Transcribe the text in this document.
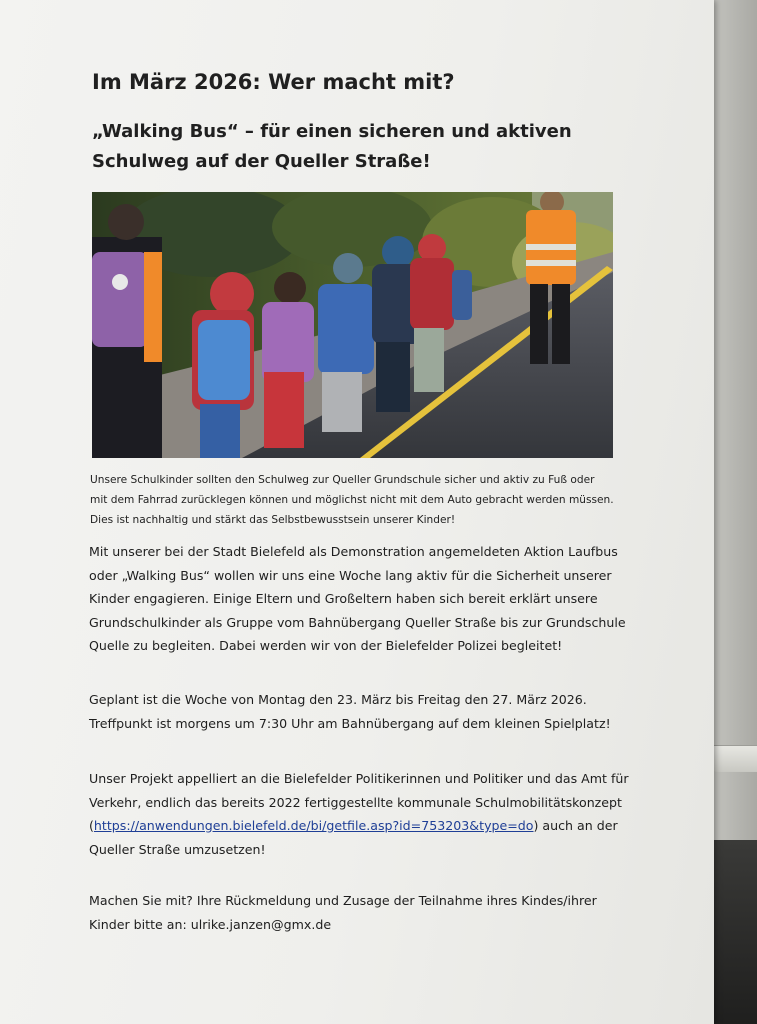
Im März 2026: Wer macht mit?
„Walking Bus“ – für einen sicheren und aktiven Schulweg auf der Queller Straße!

Unsere Schulkinder sollten den Schulweg zur Queller Grundschule sicher und aktiv zu Fuß oder mit dem Fahrrad zurücklegen können und möglichst nicht mit dem Auto gebracht werden müssen. Dies ist nachhaltig und stärkt das Selbstbewusstsein unserer Kinder!

Mit unserer bei der Stadt Bielefeld als Demonstration angemeldeten Aktion Laufbus oder „Walking Bus“ wollen wir uns eine Woche lang aktiv für die Sicherheit unserer Kinder engagieren. Einige Eltern und Großeltern haben sich bereit erklärt unsere Grundschulkinder als Gruppe vom Bahnübergang Queller Straße bis zur Grundschule Quelle zu begleiten. Dabei werden wir von der Bielefelder Polizei begleitet!

Geplant ist die Woche von Montag den 23. März bis Freitag den 27. März 2026. Treffpunkt ist morgens um 7:30 Uhr am Bahnübergang auf dem kleinen Spielplatz!

Unser Projekt appelliert an die Bielefelder Politikerinnen und Politiker und das Amt für Verkehr, endlich das bereits 2022 fertiggestellte kommunale Schulmobilitätskonzept (https://anwendungen.bielefeld.de/bi/getfile.asp?id=753203&type=do) auch an der Queller Straße umzusetzen!

Machen Sie mit? Ihre Rückmeldung und Zusage der Teilnahme ihres Kindes/ihrer Kinder bitte an: ulrike.janzen@gmx.de
